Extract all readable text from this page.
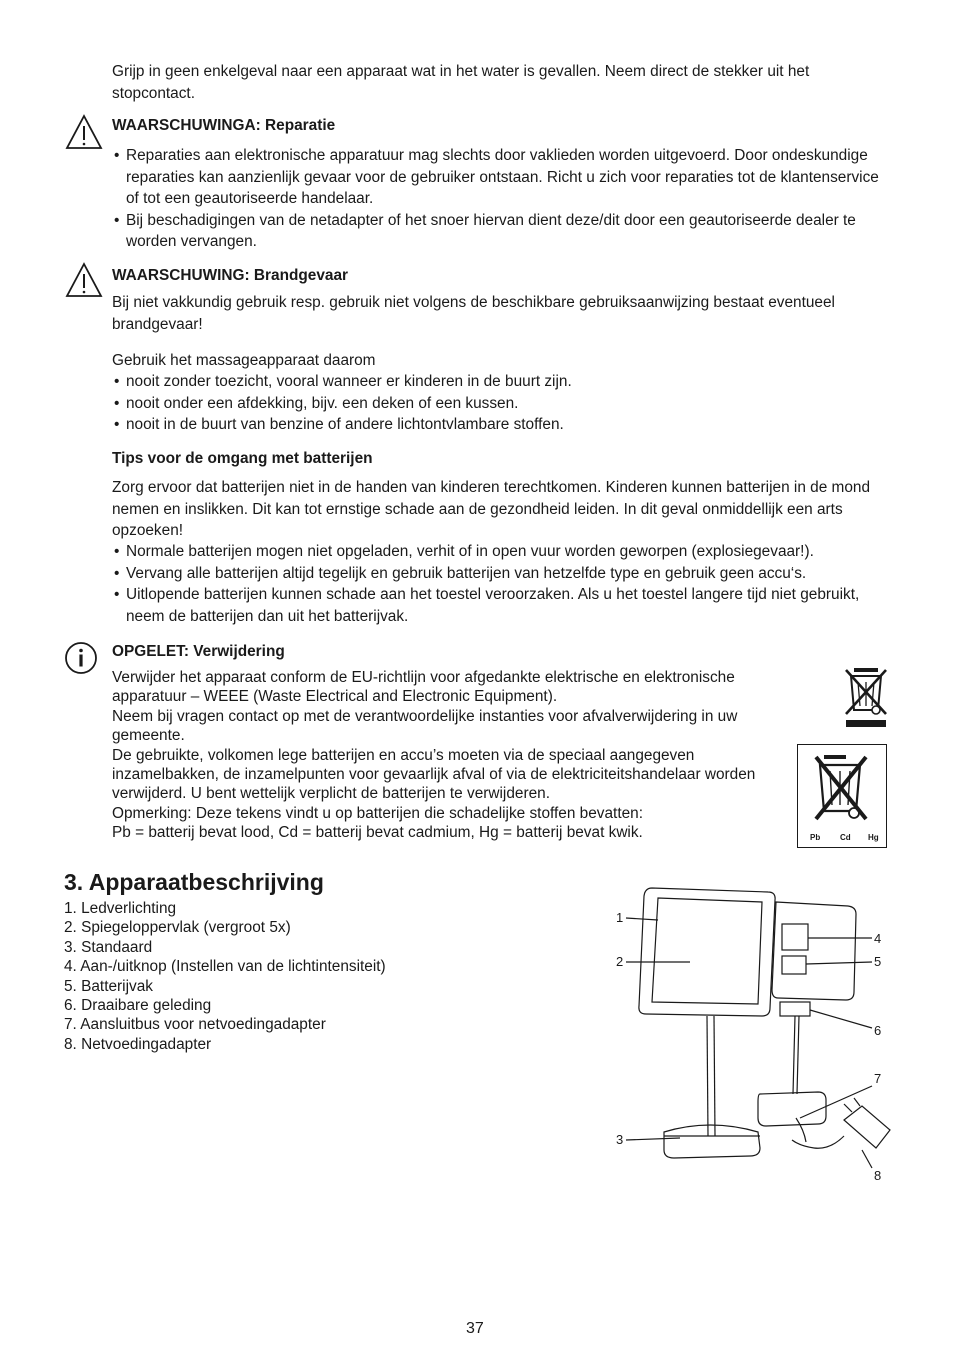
Grijp in geen enkelgeval naar een apparaat wat in het water is gevallen. Neem direct de stekker uit het stopcontact.
WAARSCHUWINGA: Reparatie
• Reparaties aan elektronische apparatuur mag slechts door vaklieden worden uitgevoerd. Door ondeskundige reparaties kan aanzienlijk gevaar voor de gebruiker ontstaan. Richt u zich voor reparaties tot de klantenservice of tot een geautoriseerde handelaar.
• Bij beschadigingen van de netadapter of het snoer hiervan dient deze/dit door een geautoriseerde dealer te worden vervangen.
WAARSCHUWING: Brandgevaar
Bij niet vakkundig gebruik resp. gebruik niet volgens de beschikbare gebruiksaanwijzing bestaat eventueel brandgevaar!
Gebruik het massageapparaat daarom
• nooit zonder toezicht, vooral wanneer er kinderen in de buurt zijn.
• nooit onder een afdekking, bijv. een deken of een kussen.
• nooit in de buurt van benzine of andere lichtontvlambare stoffen.
Tips voor de omgang met batterijen
Zorg ervoor dat batterijen niet in de handen van kinderen terechtkomen. Kinderen kunnen batterijen in de mond nemen en inslikken. Dit kan tot ernstige schade aan de gezondheid leiden. In dit geval onmiddellijk een arts opzoeken!
• Normale batterijen mogen niet opgeladen, verhit of in open vuur worden geworpen (explosiegevaar!).
• Vervang alle batterijen altijd tegelijk en gebruik batterijen van hetzelfde type en gebruik geen accu‘s.
• Uitlopende batterijen kunnen schade aan het toestel veroorzaken. Als u het toestel langere tijd niet gebruikt, neem de batterijen dan uit het batterijvak.
OPGELET: Verwijdering
Verwijder het apparaat conform de EU-richtlijn voor afgedankte elektrische en elektronische apparatuur – WEEE (Waste Electrical and Electronic Equipment).
Neem bij vragen contact op met de verantwoordelijke instanties voor afvalverwijdering in uw gemeente.
De gebruikte, volkomen lege batterijen en accu’s moeten via de speciaal aangegeven inzamelbakken, de inzamelpunten voor gevaarlijk afval of via de elektriciteitshandelaar worden verwijderd. U bent wettelijk verplicht de batterijen te verwijderen.
Opmerking: Deze tekens vindt u op batterijen die schadelijke stoffen bevatten:
Pb = batterij bevat lood, Cd = batterij bevat cadmium, Hg = batterij bevat kwik.	Pb Cd Hg
3. Apparaatbeschrijving
1. Ledverlichting
2. Spiegeloppervlak (vergroot 5x)
3. Standaard
4. Aan-/uitknop (Instellen van de lichtintensiteit)
5. Batterijvak
6. Draaibare geleding
7. Aansluitbus voor netvoedingadapter
8. Netvoedingadapter
1
2
3
4
5
6
7
8
37
